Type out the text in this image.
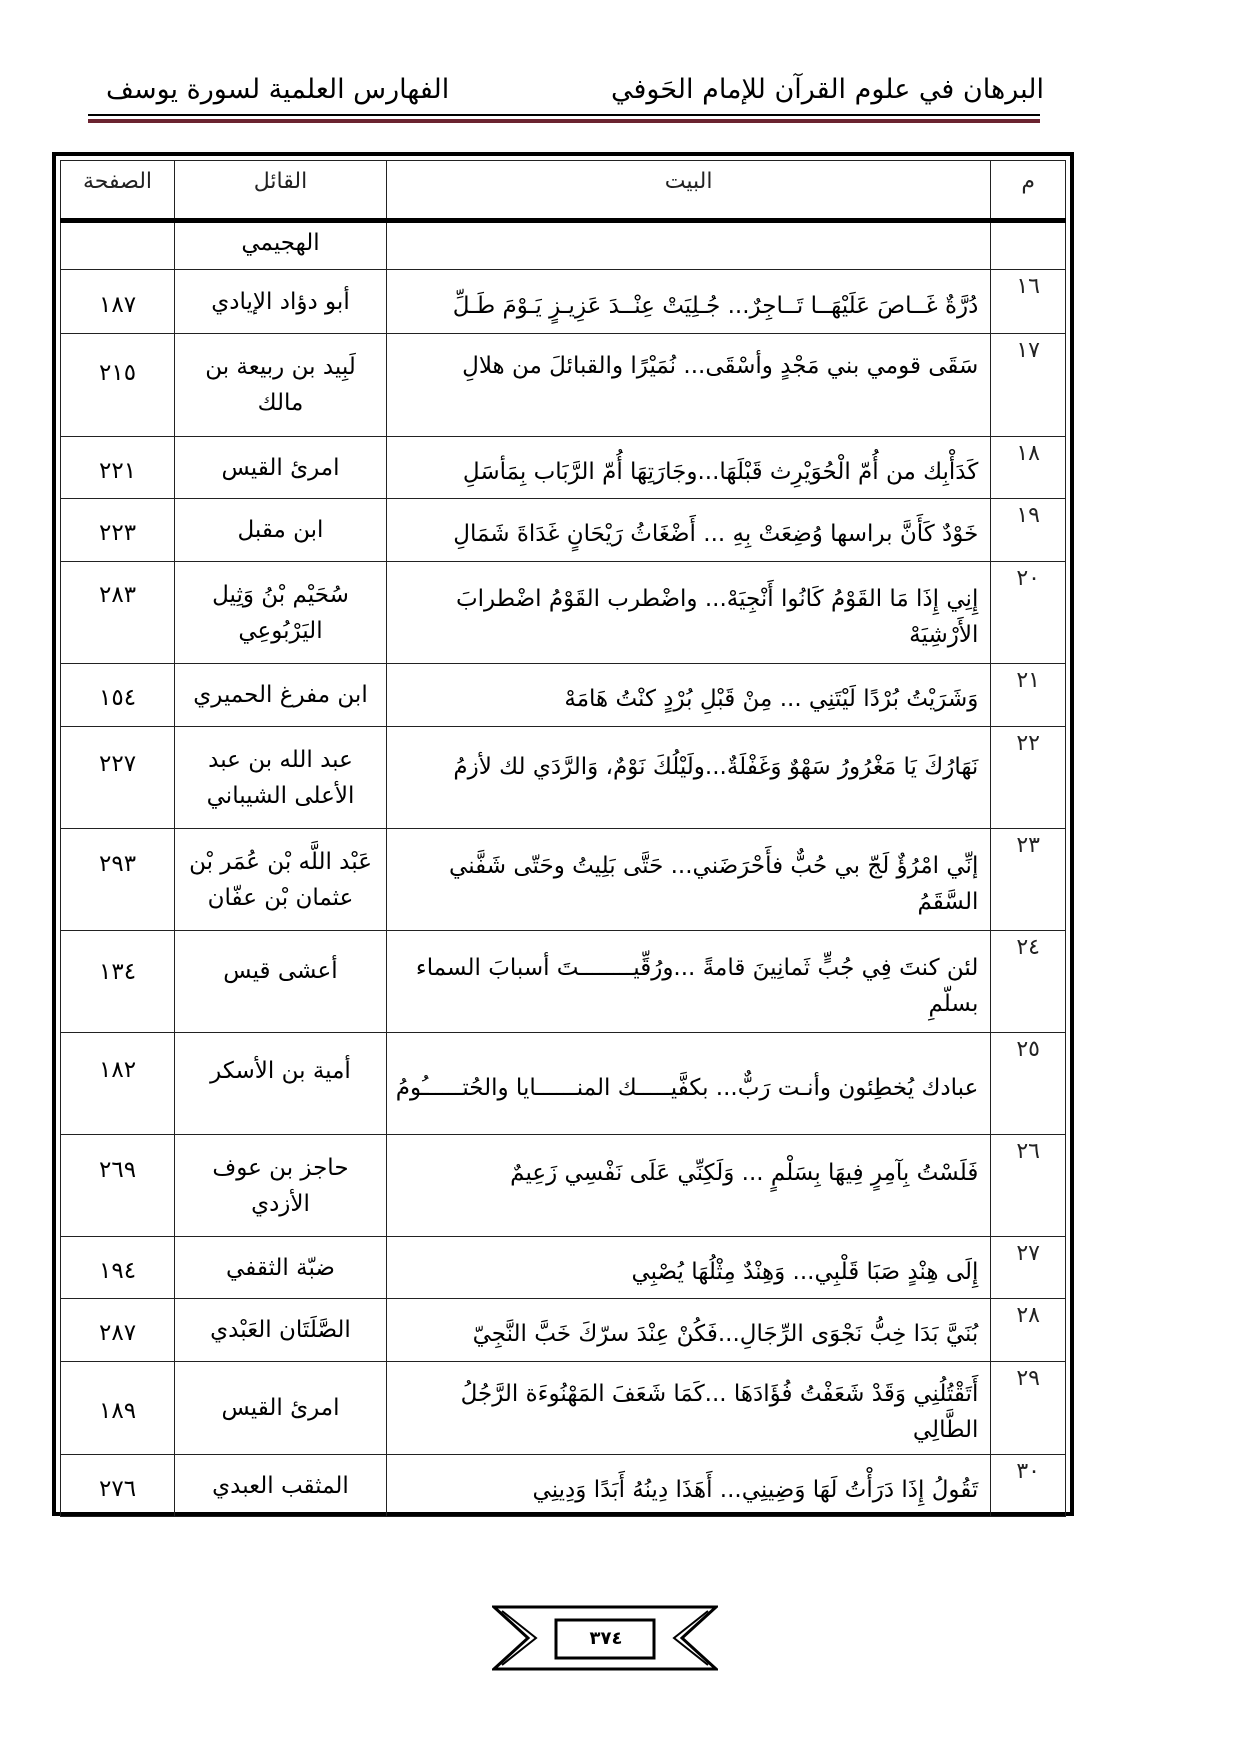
البرهان في علوم القرآن للإمام الحَوفي
الفهارس العلمية لسورة يوسف
م	البيت	القائل	الصفحة
		الهجيمي	
١٦	دُرَّةٌ غَــاصَ عَلَيْهَــا تَــاجِرٌ... جُـلِيَتْ عِنْــدَ عَزِيـزٍ يَـوْمَ طَـلِّ	أبو دؤاد الإيادي	١٨٧
١٧	سَقَى قومي بني مَجْدٍ وأسْقَى... نُمَيْرًا والقبائلَ من هلالِ	لَبِيد بن ربيعة بن مالك	٢١٥
١٨	كَدَأْبِك من أُمّ الْحُوَيْرِث قَبْلَهَا...وجَارَتِهَا أُمّ الرَّبَاب بِمَأسَلِ	امرئ القيس	٢٢١
١٩	خَوْدٌ كَأَنَّ براسها وُضِعَتْ بِهِ ... أَضْغَاثُ رَيْحَانٍ غَدَاةَ شَمَالِ	ابن مقبل	٢٢٣
٢٠	إِنِي إِذَا مَا القَوْمُ كَانُوا أَنْجِيَهْ... واضْطرب القَوْمُ اضْطرابَ الأَرْشِيَهْ	سُحَيْم بْنُ وَثِيل اليَرْبُوعِي	٢٨٣
٢١	وَشَرَيْتُ بُرْدًا لَيْتَنِي ... مِنْ قَبْلِ بُرْدٍ كنْتُ هَامَهْ	ابن مفرغ الحميري	١٥٤
٢٢	نَهَارُكَ يَا مَغْرُورُ سَهْوٌ وَغَفْلَةٌ...ولَيْلُكَ نَوْمٌ، وَالرَّدَي لك لأزمُ	عبد الله بن عبد الأعلى الشيباني	٢٢٧
٢٣	إنِّي امْرُؤٌ لَجّ بي حُبٌّ فأَحْرَضَني... حَتَّى بَلِيتُ وحَتّى شَفَّني السَّقَمُ	عَبْد اللَّه بْن عُمَر بْن عثمان بْن عفّان	٢٩٣
٢٤	لئن كنتَ فِي جُبٍّ ثَمانِينَ قامةً ...ورُقِّيــــــــتَ أسبابَ السماء بسلّمِ	أعشى قيس	١٣٤
٢٥	عبادك يُخطِئون وأنـت رَبٌّ... بكفَّيـــــك المنــــــايا والحُتــــــُومُ	أمية بن الأسكر	١٨٢
٢٦	فَلَسْتُ بِآمِرٍ فِيهَا بِسَلْمٍ ... وَلَكِنِّي عَلَى نَفْسِي زَعِيمٌ	حاجز بن عوف الأزدي	٢٦٩
٢٧	إِلَى هِنْدٍ صَبَا قَلْبِي... وَهِنْدٌ مِثْلُهَا يُصْبِي	ضبّة الثقفي	١٩٤
٢٨	بُنَيَّ بَدَا خِبُّ نَجْوَى الرِّجَالِ...فَكُنْ عِنْدَ سرّكَ خَبَّ النَّجِيّ	الصَّلَتَان العَبْدي	٢٨٧
٢٩	أَتَقْتُلُنِي وَقَدْ شَعَفْتُ فُؤَادَهَا ...كَمَا شَعَفَ المَهْنُوءَة الرَّجُلُ الطَّالِي	امرئ القيس	١٨٩
٣٠	تَقُولُ إِذَا دَرَأْتُ لَهَا وَضِينِي... أَهَذَا دِينُهُ أَبَدًا وَدِينِي	المثقب العبدي	٢٧٦
٣٧٤
